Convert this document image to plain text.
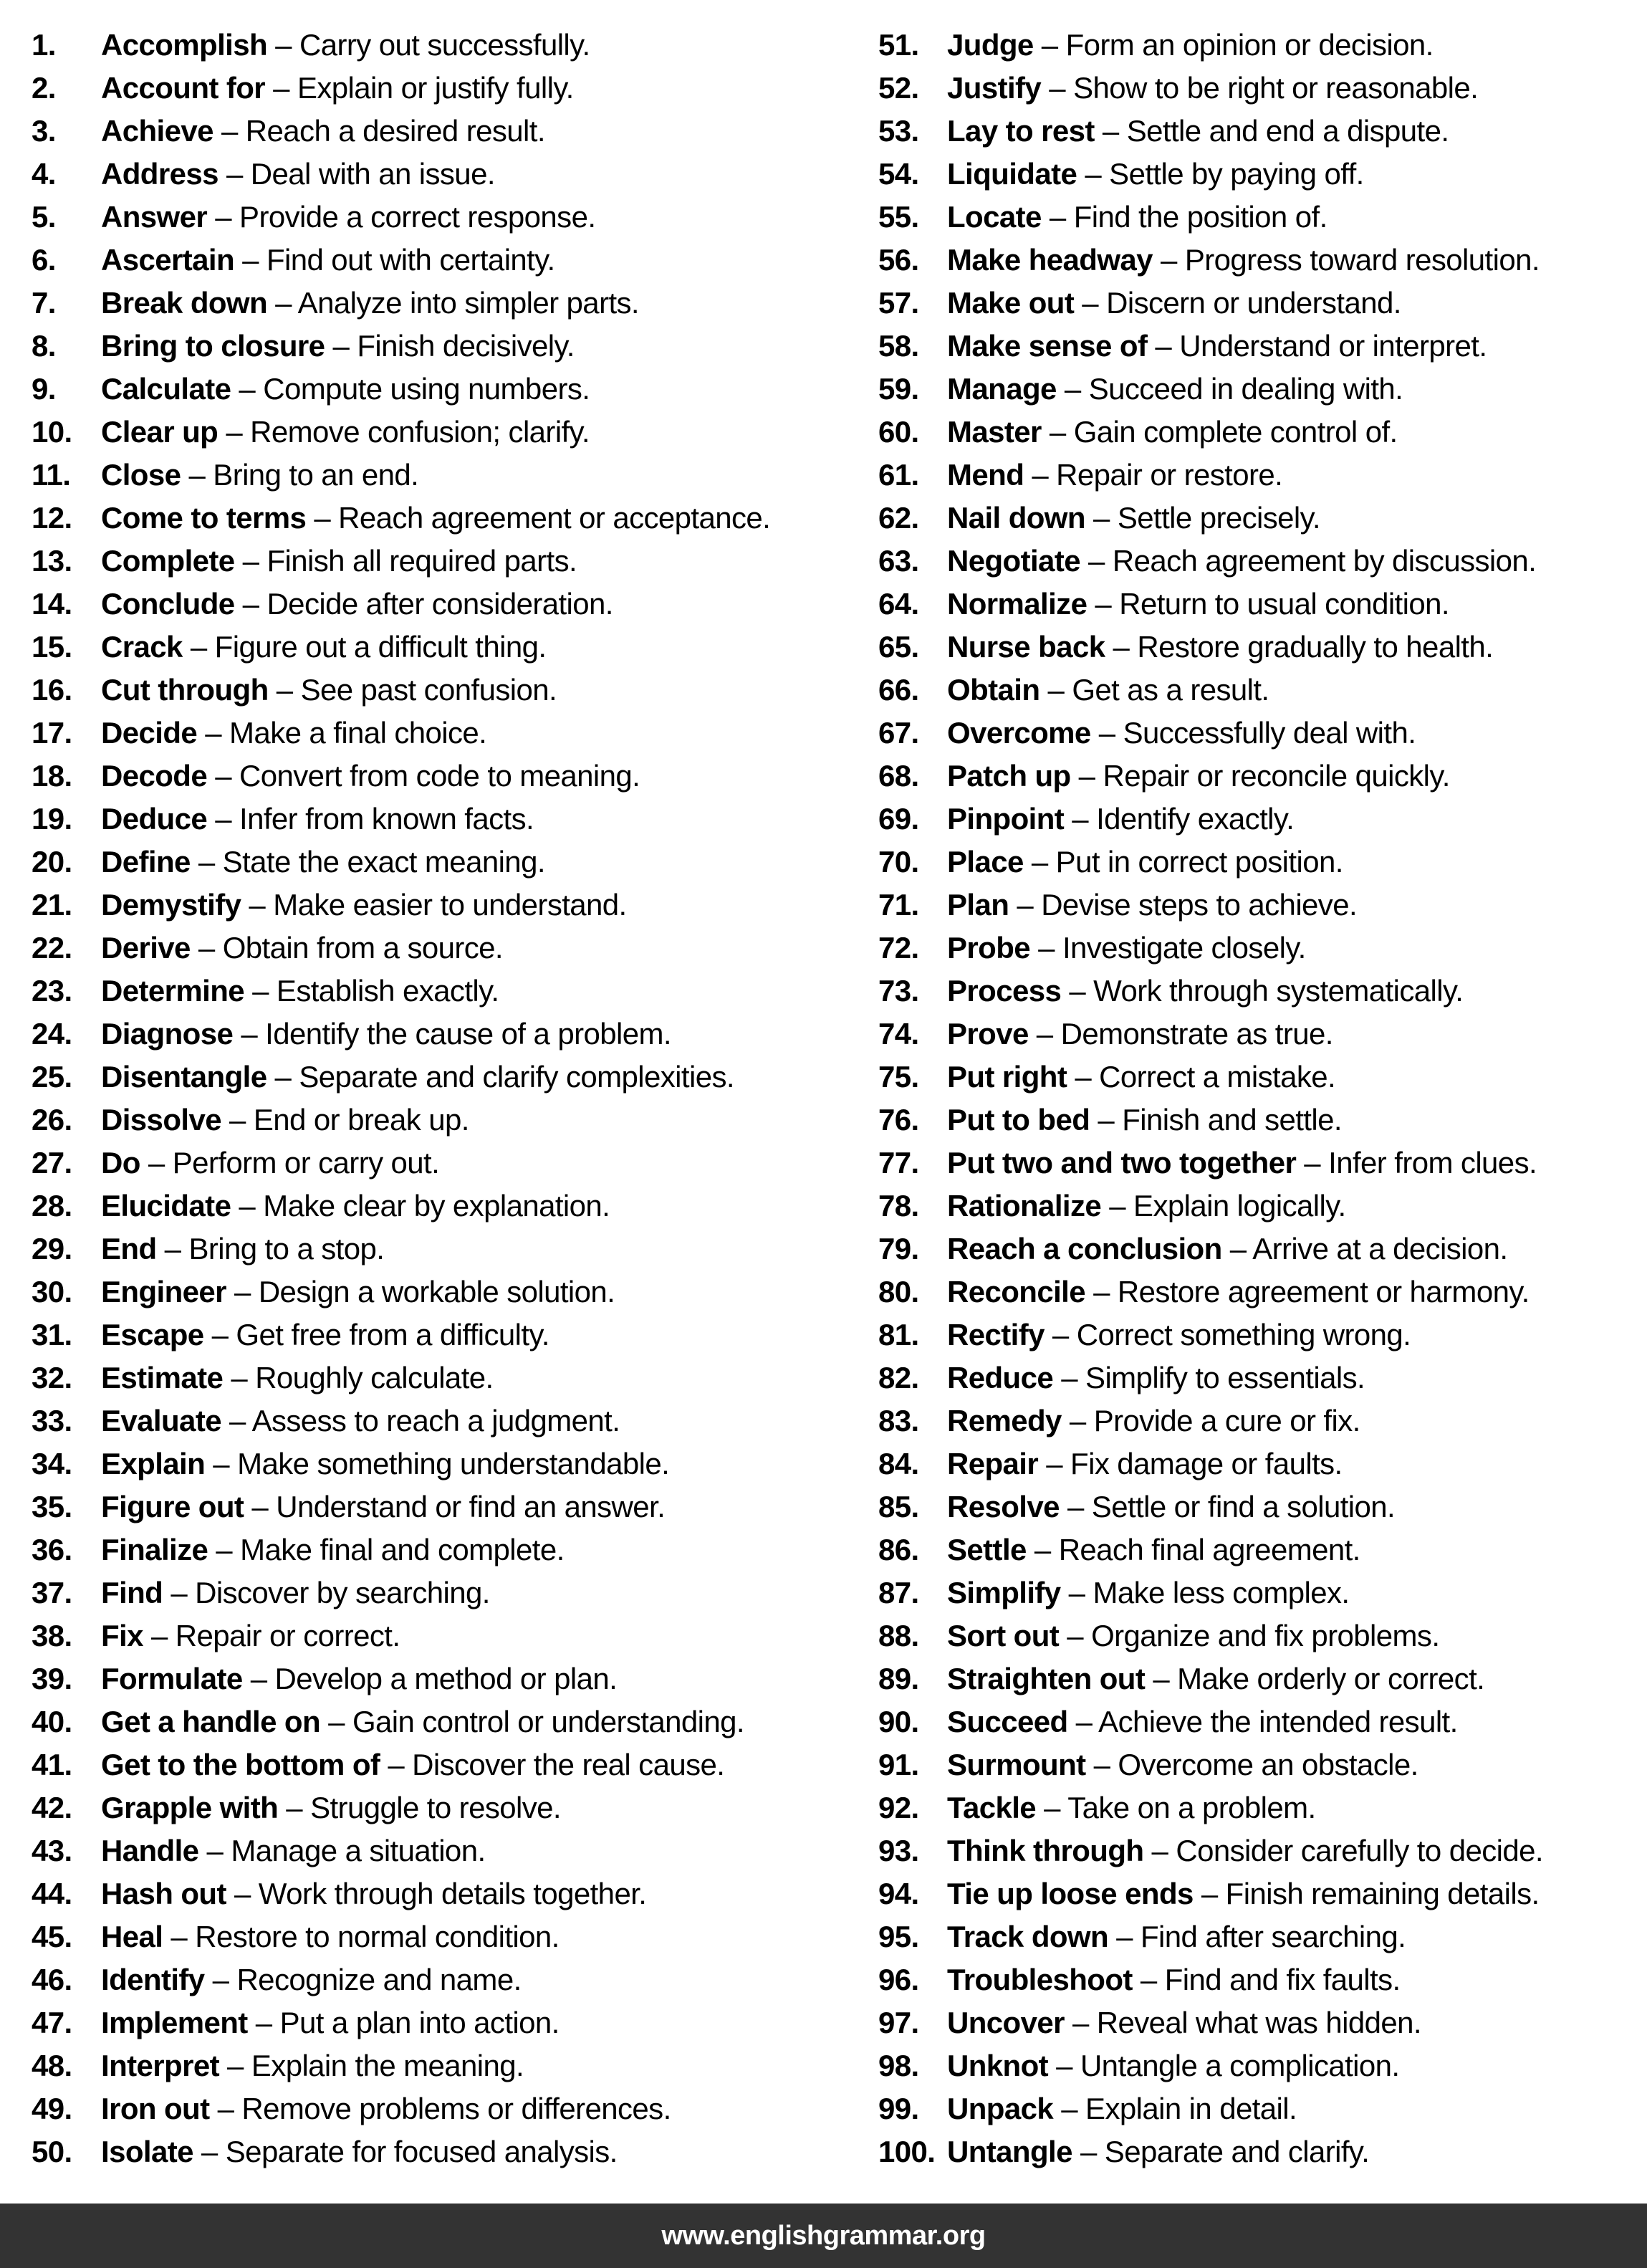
1. Accomplish – Carry out successfully.
2. Account for – Explain or justify fully.
3. Achieve – Reach a desired result.
4. Address – Deal with an issue.
5. Answer – Provide a correct response.
6. Ascertain – Find out with certainty.
7. Break down – Analyze into simpler parts.
8. Bring to closure – Finish decisively.
9. Calculate – Compute using numbers.
10. Clear up – Remove confusion; clarify.
11. Close – Bring to an end.
12. Come to terms – Reach agreement or acceptance.
13. Complete – Finish all required parts.
14. Conclude – Decide after consideration.
15. Crack – Figure out a difficult thing.
16. Cut through – See past confusion.
17. Decide – Make a final choice.
18. Decode – Convert from code to meaning.
19. Deduce – Infer from known facts.
20. Define – State the exact meaning.
21. Demystify – Make easier to understand.
22. Derive – Obtain from a source.
23. Determine – Establish exactly.
24. Diagnose – Identify the cause of a problem.
25. Disentangle – Separate and clarify complexities.
26. Dissolve – End or break up.
27. Do – Perform or carry out.
28. Elucidate – Make clear by explanation.
29. End – Bring to a stop.
30. Engineer – Design a workable solution.
31. Escape – Get free from a difficulty.
32. Estimate – Roughly calculate.
33. Evaluate – Assess to reach a judgment.
34. Explain – Make something understandable.
35. Figure out – Understand or find an answer.
36. Finalize – Make final and complete.
37. Find – Discover by searching.
38. Fix – Repair or correct.
39. Formulate – Develop a method or plan.
40. Get a handle on – Gain control or understanding.
41. Get to the bottom of – Discover the real cause.
42. Grapple with – Struggle to resolve.
43. Handle – Manage a situation.
44. Hash out – Work through details together.
45. Heal – Restore to normal condition.
46. Identify – Recognize and name.
47. Implement – Put a plan into action.
48. Interpret – Explain the meaning.
49. Iron out – Remove problems or differences.
50. Isolate – Separate for focused analysis.
51. Judge – Form an opinion or decision.
52. Justify – Show to be right or reasonable.
53. Lay to rest – Settle and end a dispute.
54. Liquidate – Settle by paying off.
55. Locate – Find the position of.
56. Make headway – Progress toward resolution.
57. Make out – Discern or understand.
58. Make sense of – Understand or interpret.
59. Manage – Succeed in dealing with.
60. Master – Gain complete control of.
61. Mend – Repair or restore.
62. Nail down – Settle precisely.
63. Negotiate – Reach agreement by discussion.
64. Normalize – Return to usual condition.
65. Nurse back – Restore gradually to health.
66. Obtain – Get as a result.
67. Overcome – Successfully deal with.
68. Patch up – Repair or reconcile quickly.
69. Pinpoint – Identify exactly.
70. Place – Put in correct position.
71. Plan – Devise steps to achieve.
72. Probe – Investigate closely.
73. Process – Work through systematically.
74. Prove – Demonstrate as true.
75. Put right – Correct a mistake.
76. Put to bed – Finish and settle.
77. Put two and two together – Infer from clues.
78. Rationalize – Explain logically.
79. Reach a conclusion – Arrive at a decision.
80. Reconcile – Restore agreement or harmony.
81. Rectify – Correct something wrong.
82. Reduce – Simplify to essentials.
83. Remedy – Provide a cure or fix.
84. Repair – Fix damage or faults.
85. Resolve – Settle or find a solution.
86. Settle – Reach final agreement.
87. Simplify – Make less complex.
88. Sort out – Organize and fix problems.
89. Straighten out – Make orderly or correct.
90. Succeed – Achieve the intended result.
91. Surmount – Overcome an obstacle.
92. Tackle – Take on a problem.
93. Think through – Consider carefully to decide.
94. Tie up loose ends – Finish remaining details.
95. Track down – Find after searching.
96. Troubleshoot – Find and fix faults.
97. Uncover – Reveal what was hidden.
98. Unknot – Untangle a complication.
99. Unpack – Explain in detail.
100. Untangle – Separate and clarify.
www.englishgrammar.org
